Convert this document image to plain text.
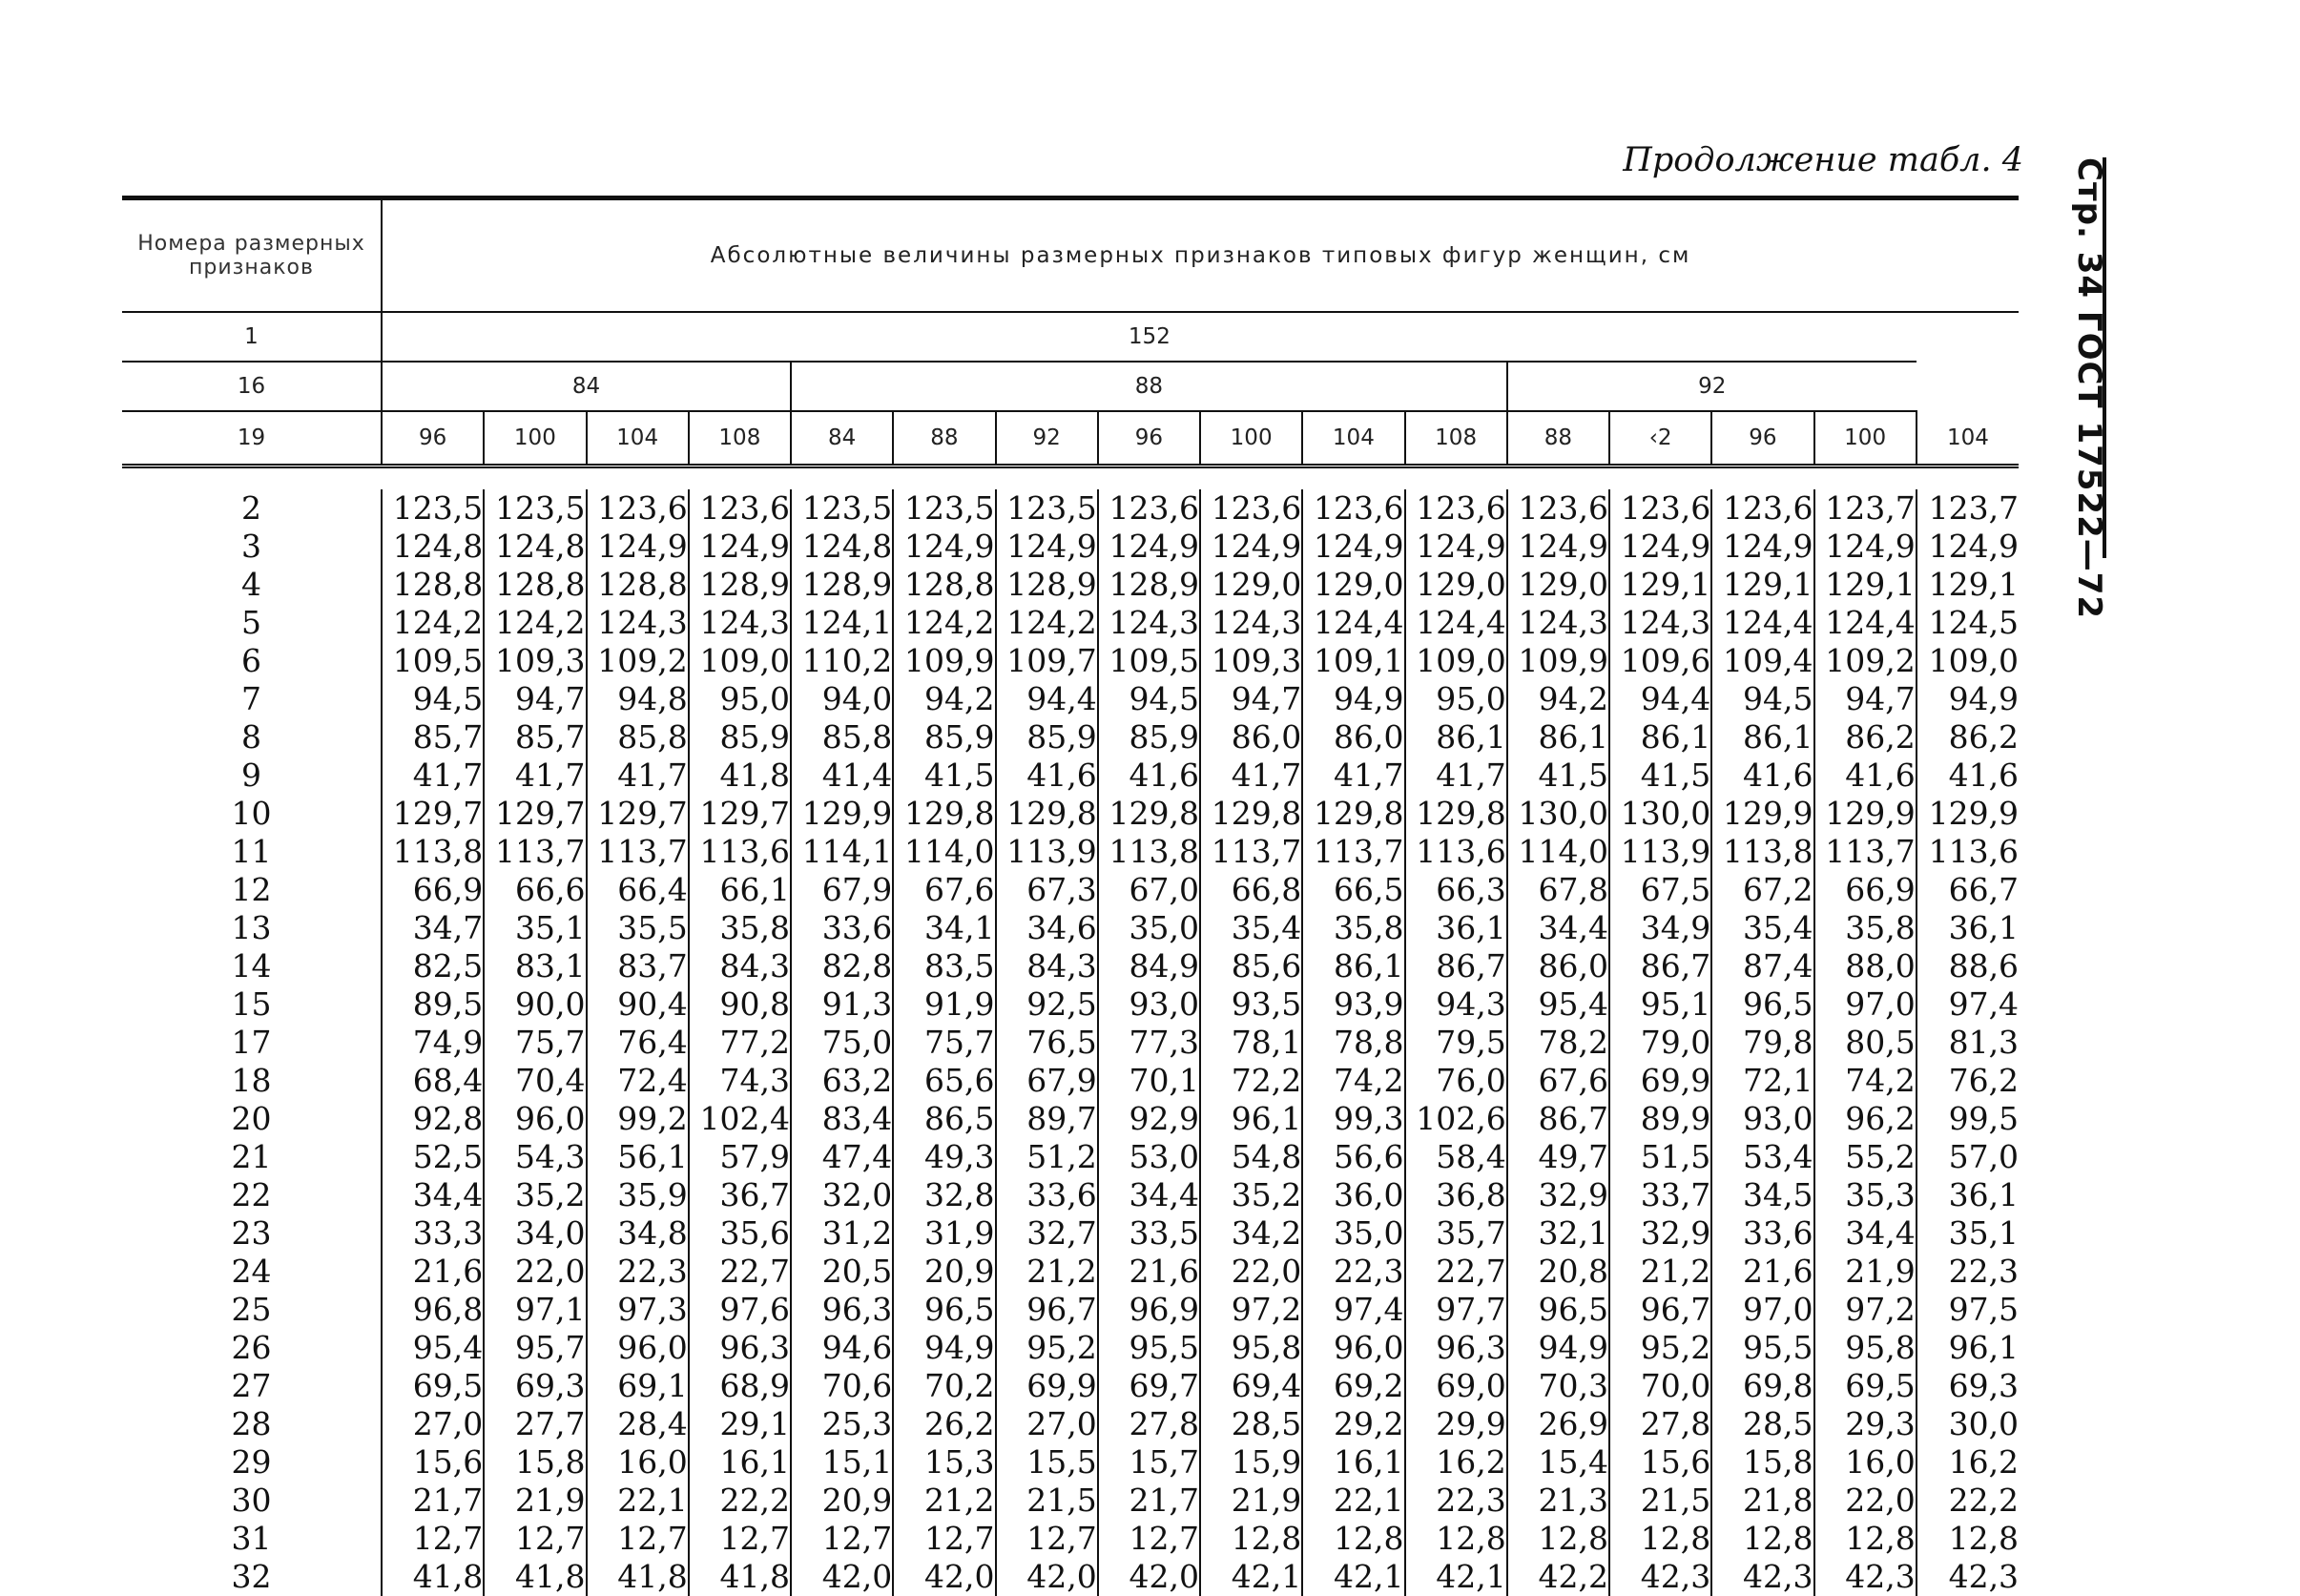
Стр. 34 ГОСТ 17522—72
Продолжение табл. 4
Номера размерных признаков	Абсолютные величины размерных признаков типовых фигур женщин, см															
1	152															
16	84				88							92				
19	96	100	104	108	84	88	92	96	100	104	108	88	‹2	96	100	104

2	123,5	123,5	123,6	123,6	123,5	123,5	123,5	123,6	123,6	123,6	123,6	123,6	123,6	123,6	123,7	123,7
3	124,8	124,8	124,9	124,9	124,8	124,9	124,9	124,9	124,9	124,9	124,9	124,9	124,9	124,9	124,9	124,9
4	128,8	128,8	128,8	128,9	128,9	128,8	128,9	128,9	129,0	129,0	129,0	129,0	129,1	129,1	129,1	129,1
5	124,2	124,2	124,3	124,3	124,1	124,2	124,2	124,3	124,3	124,4	124,4	124,3	124,3	124,4	124,4	124,5
6	109,5	109,3	109,2	109,0	110,2	109,9	109,7	109,5	109,3	109,1	109,0	109,9	109,6	109,4	109,2	109,0
7	94,5	94,7	94,8	95,0	94,0	94,2	94,4	94,5	94,7	94,9	95,0	94,2	94,4	94,5	94,7	94,9
8	85,7	85,7	85,8	85,9	85,8	85,9	85,9	85,9	86,0	86,0	86,1	86,1	86,1	86,1	86,2	86,2
9	41,7	41,7	41,7	41,8	41,4	41,5	41,6	41,6	41,7	41,7	41,7	41,5	41,5	41,6	41,6	41,6
10	129,7	129,7	129,7	129,7	129,9	129,8	129,8	129,8	129,8	129,8	129,8	130,0	130,0	129,9	129,9	129,9
11	113,8	113,7	113,7	113,6	114,1	114,0	113,9	113,8	113,7	113,7	113,6	114,0	113,9	113,8	113,7	113,6
12	66,9	66,6	66,4	66,1	67,9	67,6	67,3	67,0	66,8	66,5	66,3	67,8	67,5	67,2	66,9	66,7
13	34,7	35,1	35,5	35,8	33,6	34,1	34,6	35,0	35,4	35,8	36,1	34,4	34,9	35,4	35,8	36,1
14	82,5	83,1	83,7	84,3	82,8	83,5	84,3	84,9	85,6	86,1	86,7	86,0	86,7	87,4	88,0	88,6
15	89,5	90,0	90,4	90,8	91,3	91,9	92,5	93,0	93,5	93,9	94,3	95,4	95,1	96,5	97,0	97,4
17	74,9	75,7	76,4	77,2	75,0	75,7	76,5	77,3	78,1	78,8	79,5	78,2	79,0	79,8	80,5	81,3
18	68,4	70,4	72,4	74,3	63,2	65,6	67,9	70,1	72,2	74,2	76,0	67,6	69,9	72,1	74,2	76,2
20	92,8	96,0	99,2	102,4	83,4	86,5	89,7	92,9	96,1	99,3	102,6	86,7	89,9	93,0	96,2	99,5
21	52,5	54,3	56,1	57,9	47,4	49,3	51,2	53,0	54,8	56,6	58,4	49,7	51,5	53,4	55,2	57,0
22	34,4	35,2	35,9	36,7	32,0	32,8	33,6	34,4	35,2	36,0	36,8	32,9	33,7	34,5	35,3	36,1
23	33,3	34,0	34,8	35,6	31,2	31,9	32,7	33,5	34,2	35,0	35,7	32,1	32,9	33,6	34,4	35,1
24	21,6	22,0	22,3	22,7	20,5	20,9	21,2	21,6	22,0	22,3	22,7	20,8	21,2	21,6	21,9	22,3
25	96,8	97,1	97,3	97,6	96,3	96,5	96,7	96,9	97,2	97,4	97,7	96,5	96,7	97,0	97,2	97,5
26	95,4	95,7	96,0	96,3	94,6	94,9	95,2	95,5	95,8	96,0	96,3	94,9	95,2	95,5	95,8	96,1
27	69,5	69,3	69,1	68,9	70,6	70,2	69,9	69,7	69,4	69,2	69,0	70,3	70,0	69,8	69,5	69,3
28	27,0	27,7	28,4	29,1	25,3	26,2	27,0	27,8	28,5	29,2	29,9	26,9	27,8	28,5	29,3	30,0
29	15,6	15,8	16,0	16,1	15,1	15,3	15,5	15,7	15,9	16,1	16,2	15,4	15,6	15,8	16,0	16,2
30	21,7	21,9	22,1	22,2	20,9	21,2	21,5	21,7	21,9	22,1	22,3	21,3	21,5	21,8	22,0	22,2
31	12,7	12,7	12,7	12,7	12,7	12,7	12,7	12,7	12,8	12,8	12,8	12,8	12,8	12,8	12,8	12,8
32	41,8	41,8	41,8	41,8	42,0	42,0	42,0	42,0	42,1	42,1	42,1	42,2	42,3	42,3	42,3	42,3
